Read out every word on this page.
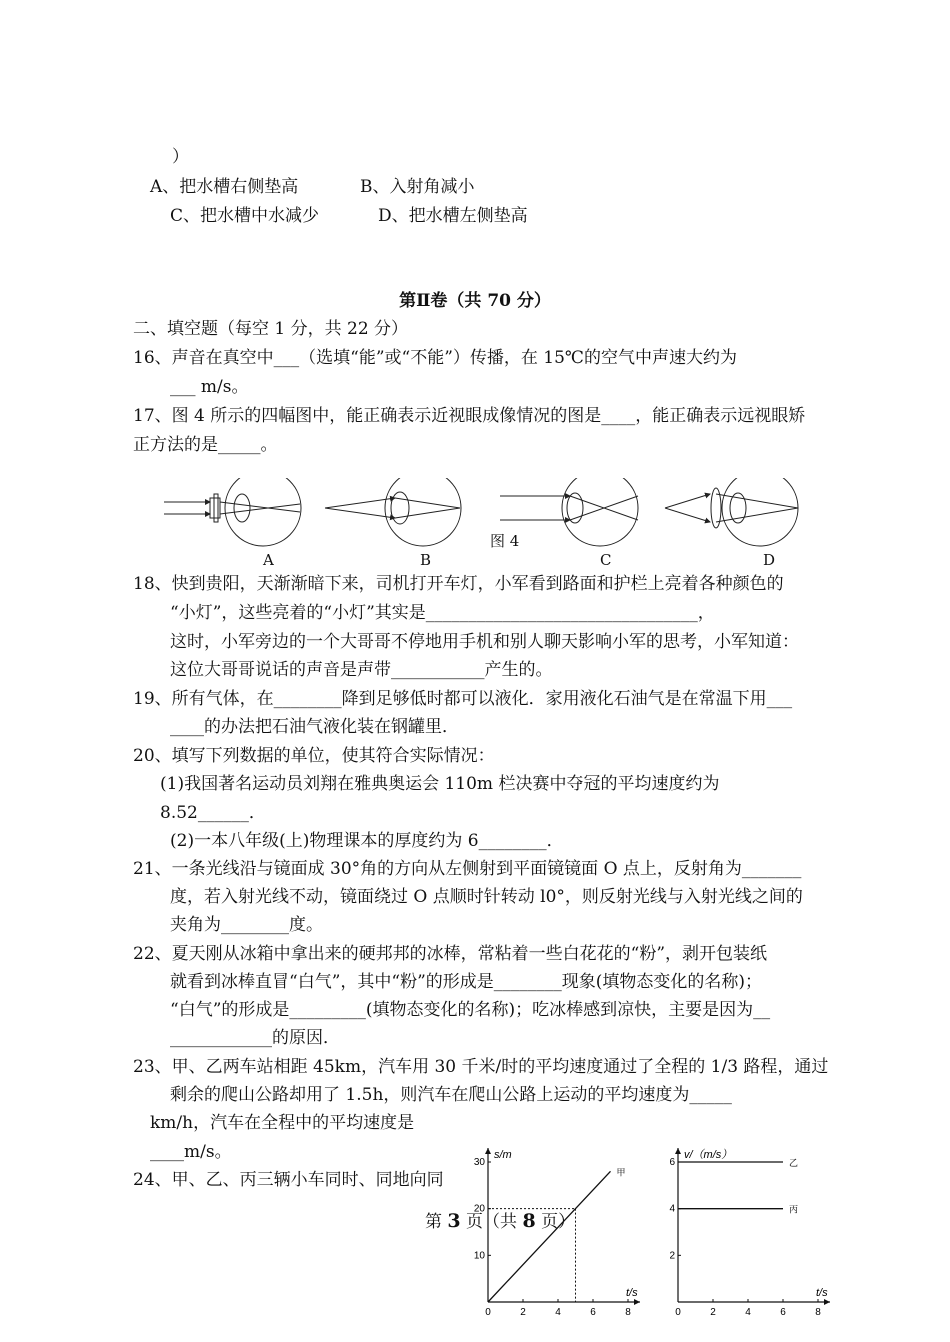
）
A、把水槽右侧垫高	B、入射角减小
C、把水槽中水减少	D、把水槽左侧垫高
第Ⅱ卷（共 70 分）
二、填空题（每空 1 分，共 22 分）
16、声音在真空中___（选填“能”或“不能”）传播，在 15℃的空气中声速大约为
___ m/s。
17、图 4 所示的四幅图中，能正确表示近视眼成像情况的图是____，能正确表示远视眼矫
正方法的是_____。
图 4
A	B	C	D
18、快到贵阳，天渐渐暗下来，司机打开车灯，小军看到路面和护栏上亮着各种颜色的
“小灯”，这些亮着的“小灯”其实是________________________________，
这时，小军旁边的一个大哥哥不停地用手机和别人聊天影响小军的思考，小军知道：
这位大哥哥说话的声音是声带___________产生的。
19、所有气体，在________降到足够低时都可以液化．家用液化石油气是在常温下用___
____的办法把石油气液化装在钢罐里．
20、填写下列数据的单位，使其符合实际情况：
(1)我国著名运动员刘翔在雅典奥运会 110m 栏决赛中夺冠的平均速度约为
8.52______．
(2)一本八年级(上)物理课本的厚度约为 6________．
21、一条光线沿与镜面成 30°角的方向从左侧射到平面镜镜面 O 点上，反射角为_______
度，若入射光线不动，镜面绕过 O 点顺时针转动 l0°，则反射光线与入射光线之间的
夹角为________度。
22、夏天刚从冰箱中拿出来的硬邦邦的冰棒，常粘着一些白花花的“粉”，剥开包装纸
就看到冰棒直冒“白气”，其中“粉”的形成是________现象(填物态变化的名称)；
“白气”的形成是_________(填物态变化的名称)；吃冰棒感到凉快，主要是因为__
____________的原因．
23、甲、乙两车站相距 45km，汽车用 30 千米/时的平均速度通过了全程的 1/3 路程，通过
剩余的爬山公路却用了 1.5h，则汽车在爬山公路上运动的平均速度为_____
km/h，汽车在全程中的平均速度是
____m/s。
24、甲、乙、丙三辆小车同时、同地向同
第 3 页（共 8 页）
0	2	4	6	8
10
20
30
s/m
t/s
甲
0	2	4	6	8
2
4
6
v/（m/s）
t/s
乙
丙
